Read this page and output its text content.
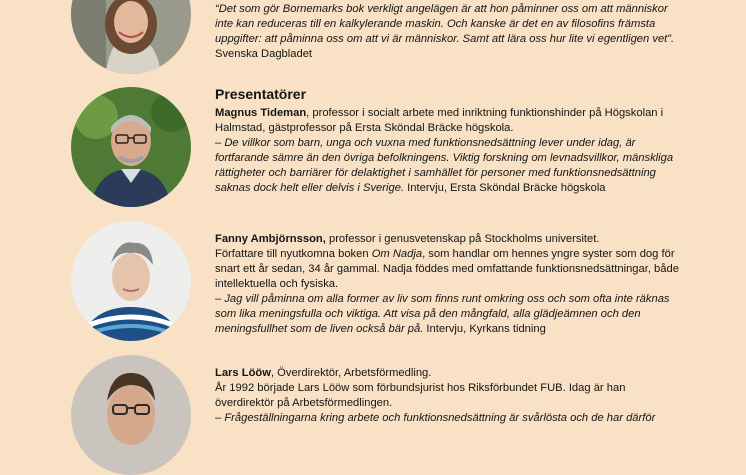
“Det som gör Bornemarks bok verkligt angelägen är att hon påminner oss om att människor inte kan reduceras till en kalkylerande maskin. Och kanske är det en av filosofins främsta uppgifter: att påminna oss om att vi är människor. Samt att lära oss hur lite vi egentligen vet”.

Svenska Dagbladet

Presentatörer

Magnus Tideman, professor i socialt arbete med inriktning funktionshinder på Högskolan i Halmstad, gästprofessor på Ersta Sköndal Bräcke högskola.

– De villkor som barn, unga och vuxna med funktionsnedsättning lever under idag, är fortfarande sämre än den övriga befolkningens. Viktig forskning om levnadsvillkor, mänskliga rättigheter och barriärer för delaktighet i samhället för personer med funktionsnedsättning saknas dock helt eller delvis i Sverige. Intervju, Ersta Sköndal Bräcke högskola

Fanny Ambjörnsson, professor i genusvetenskap på Stockholms universitet.

Författare till nyutkomna boken Om Nadja, som handlar om hennes yngre syster som dog för snart ett år sedan, 34 år gammal. Nadja föddes med omfattande funktionsnedsättningar, både intellektuella och fysiska.

– Jag vill påminna om alla former av liv som finns runt omkring oss och som ofta inte räknas som lika meningsfulla och viktiga. Att visa på den mångfald, alla glädjeämnen och den meningsfullhet som de liven också bär på. Intervju, Kyrkans tidning

Lars Lööw, Överdirektör, Arbetsförmedling.

År 1992 började Lars Lööw som förbundsjurist hos Riksförbundet FUB. Idag är han överdirektör på Arbetsförmedlingen.

– Frågeställningarna kring arbete och funktionsnedsättning är svårlösta och de har därför
